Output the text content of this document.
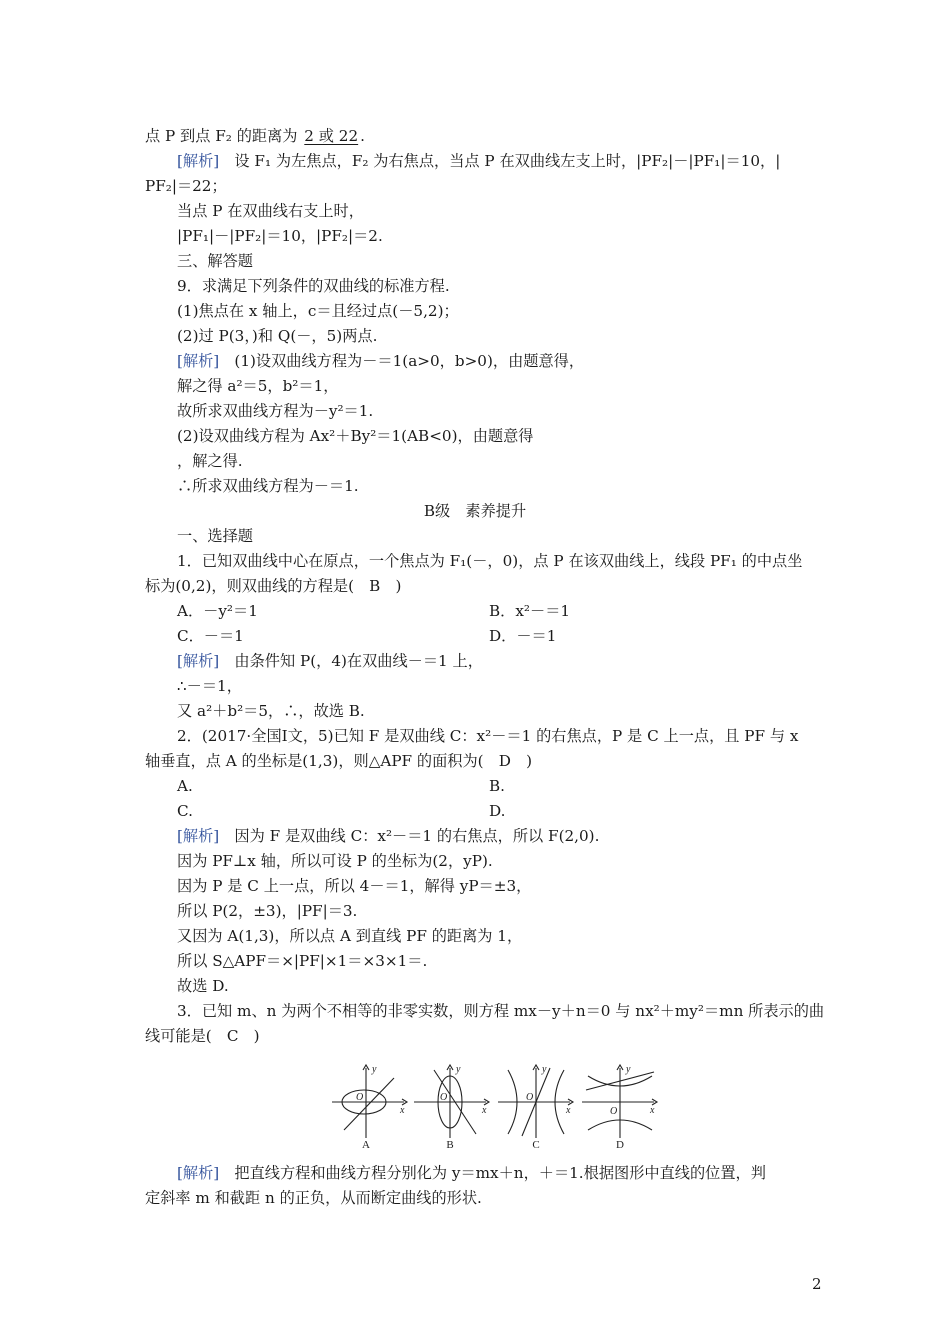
点 P 到点 F₂ 的距离为 2 或 22 .
[解析]　 设 F₁ 为左焦点，F₂ 为右焦点，当点 P 在双曲线左支上时，|PF₂|－|PF₁|＝10，|
PF₂|＝22；
当点 P 在双曲线右支上时，
|PF₁|－|PF₂|＝10，|PF₂|＝2.
三、解答题
9．求满足下列条件的双曲线的标准方程.
(1)焦点在 x 轴上，c＝且经过点(－5,2)；
(2)过 P(3，)和 Q(－，5)两点.
[解析]　 (1)设双曲线方程为－＝1(a>0，b>0)，由题意得，
解之得 a²＝5，b²＝1，
故所求双曲线方程为－y²＝1.
(2)设双曲线方程为 Ax²＋By²＝1(AB<0)，由题意得
，解之得.
∴所求双曲线方程为－＝1.
B级　素养提升
一、选择题
1．已知双曲线中心在原点，一个焦点为 F₁(－，0)，点 P 在该双曲线上，线段 PF₁ 的中点坐
标为(0,2)，则双曲线的方程是(　B　)
A．－y²＝1	B．x²－＝1
C．－＝1	D．－＝1
[解析]　 由条件知 P(，4)在双曲线－＝1 上，
∴－＝1，
又 a²＋b²＝5，∴，故选 B.
2．(2017·全国Ⅰ文，5)已知 F 是双曲线 C：x²－＝1 的右焦点，P 是 C 上一点，且 PF 与 x
轴垂直，点 A 的坐标是(1,3)，则△APF 的面积为(　D　)
A.	B.
C.	D.
[解析]　 因为 F 是双曲线 C：x²－＝1 的右焦点，所以 F(2,0).
因为 PF⊥x 轴，所以可设 P 的坐标为(2，yP).
因为 P 是 C 上一点，所以 4－＝1，解得 yP＝±3，
所以 P(2，±3)，|PF|＝3.
又因为 A(1,3)，所以点 A 到直线 PF 的距离为 1，
所以 S△APF＝×|PF|×1＝×3×1＝.
故选 D.
3．已知 m、n 为两个不相等的非零实数，则方程 mx－y＋n＝0 与 nx²＋my²＝mn 所表示的曲
线可能是(　C　)
y
x
O
A
y
x
O
B
y
x
O
C
y
x
O
D
[解析]　 把直线方程和曲线方程分别化为 y＝mx＋n，＋＝1.根据图形中直线的位置，判
定斜率 m 和截距 n 的正负，从而断定曲线的形状.
2
